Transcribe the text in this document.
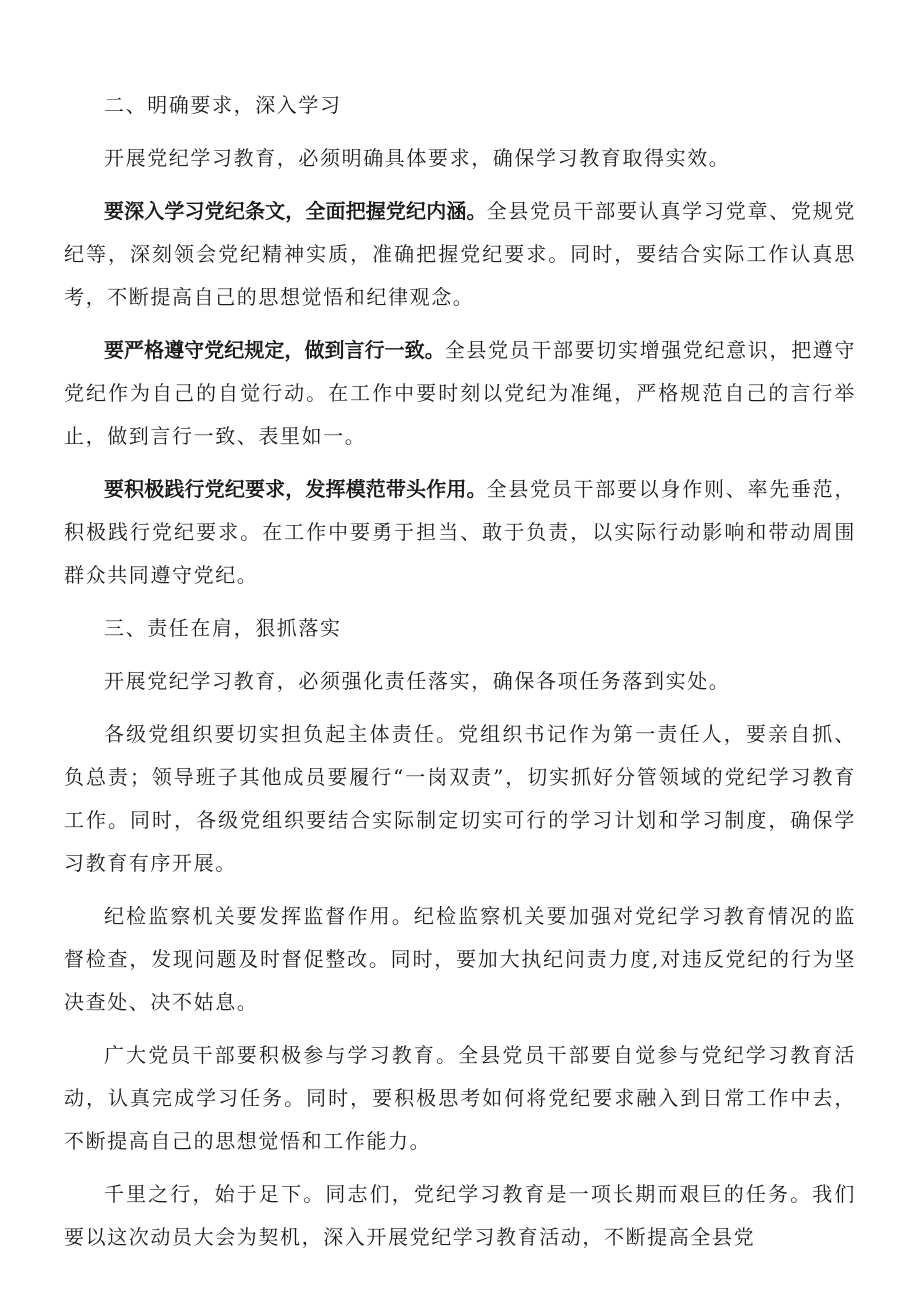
二、明确要求，深入学习

开展党纪学习教育，必须明确具体要求，确保学习教育取得实效。

要深入学习党纪条文，全面把握党纪内涵。全县党员干部要认真学习党章、党规党纪等，深刻领会党纪精神实质，准确把握党纪要求。同时，要结合实际工作认真思考，不断提高自己的思想觉悟和纪律观念。

要严格遵守党纪规定，做到言行一致。全县党员干部要切实增强党纪意识，把遵守党纪作为自己的自觉行动。在工作中要时刻以党纪为准绳，严格规范自己的言行举止，做到言行一致、表里如一。

要积极践行党纪要求，发挥模范带头作用。全县党员干部要以身作则、率先垂范，积极践行党纪要求。在工作中要勇于担当、敢于负责，以实际行动影响和带动周围群众共同遵守党纪。

三、责任在肩，狠抓落实

开展党纪学习教育，必须强化责任落实，确保各项任务落到实处。

各级党组织要切实担负起主体责任。党组织书记作为第一责任人，要亲自抓、负总责；领导班子其他成员要履行“一岗双责”，切实抓好分管领域的党纪学习教育工作。同时，各级党组织要结合实际制定切实可行的学习计划和学习制度，确保学习教育有序开展。

纪检监察机关要发挥监督作用。纪检监察机关要加强对党纪学习教育情况的监督检查，发现问题及时督促整改。同时，要加大执纪问责力度,对违反党纪的行为坚决查处、决不姑息。

广大党员干部要积极参与学习教育。全县党员干部要自觉参与党纪学习教育活动，认真完成学习任务。同时，要积极思考如何将党纪要求融入到日常工作中去，不断提高自己的思想觉悟和工作能力。

千里之行，始于足下。同志们，党纪学习教育是一项长期而艰巨的任务。我们要以这次动员大会为契机，深入开展党纪学习教育活动，不断提高全县党
